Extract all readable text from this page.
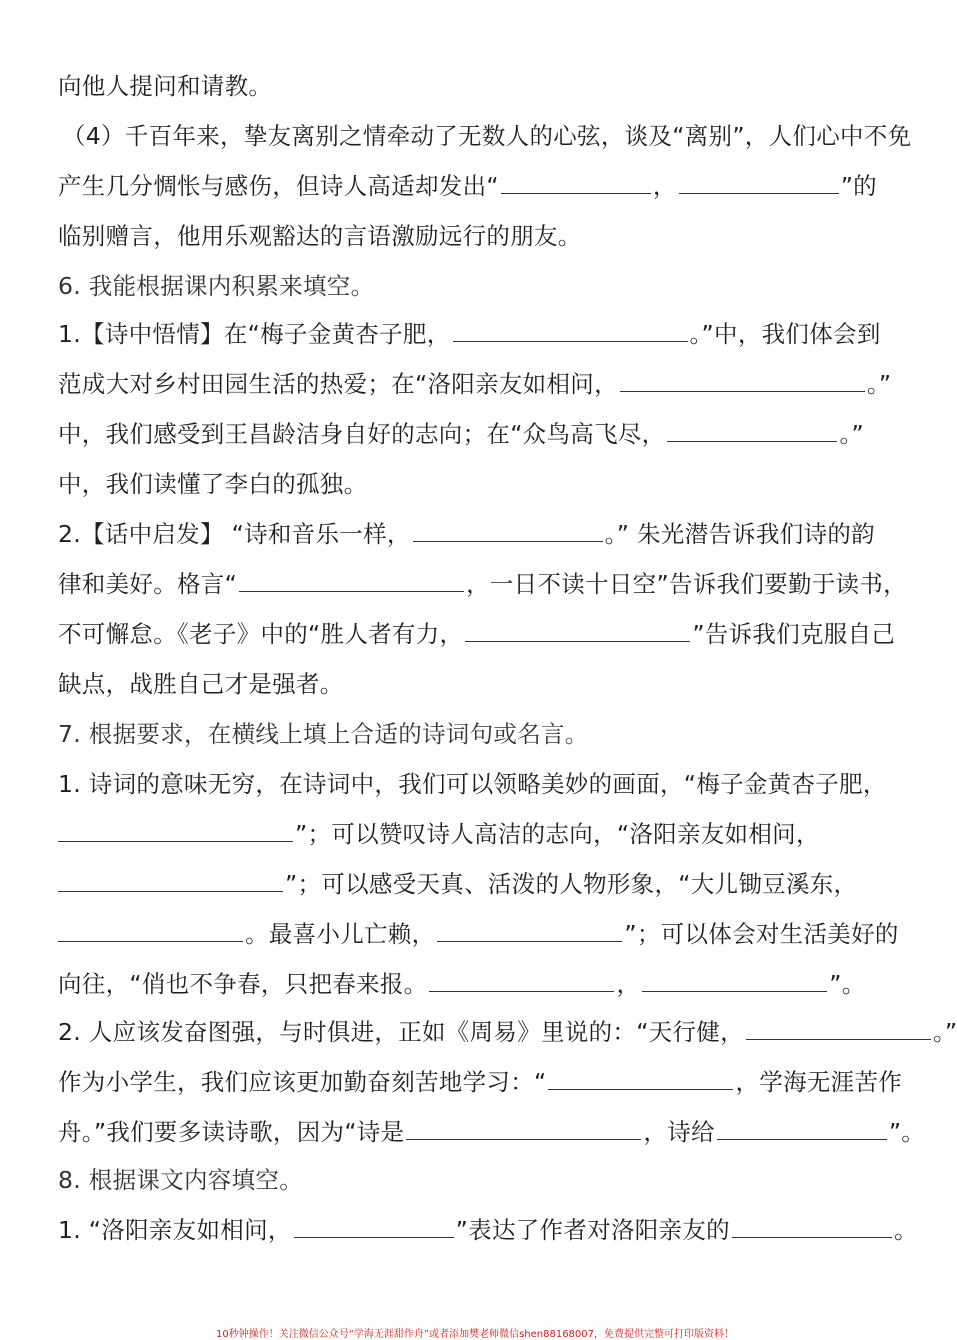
向他人提问和请教。
（4）千百年来，挚友离别之情牵动了无数人的心弦，谈及“离别”，人们心中不免
产生几分惆怅与感伤，但诗人高适却发出“	，	”的
临别赠言，他用乐观豁达的言语激励远行的朋友。
6. 我能根据课内积累来填空。
1.【诗中悟情】在“梅子金黄杏子肥，	。”中，我们体会到
范成大对乡村田园生活的热爱；在“洛阳亲友如相问，	。”
中，我们感受到王昌龄洁身自好的志向；在“众鸟高飞尽，	。”
中，我们读懂了李白的孤独。
2.【话中启发】 “诗和音乐一样，	。” 朱光潜告诉我们诗的韵
律和美好。格言“	，一日不读十日空”告诉我们要勤于读书，
不可懈怠。《老子》中的“胜人者有力，	”告诉我们克服自己
缺点，战胜自己才是强者。
7. 根据要求，在横线上填上合适的诗词句或名言。
1. 诗词的意味无穷，在诗词中，我们可以领略美妙的画面，“梅子金黄杏子肥，
”；可以赞叹诗人高洁的志向，“洛阳亲友如相问，
”；可以感受天真、活泼的人物形象，“大儿锄豆溪东，
。最喜小儿亡赖，	”；可以体会对生活美好的
向往，“俏也不争春，只把春来报。	，	”。
2. 人应该发奋图强，与时俱进，正如《周易》里说的：“天行健，	。”
作为小学生，我们应该更加勤奋刻苦地学习：“	，学海无涯苦作
舟。”我们要多读诗歌，因为“诗是	，诗给	”。
8. 根据课文内容填空。
1. “洛阳亲友如相问，	”表达了作者对洛阳亲友的	。
10秒钟操作！关注微信公众号“学海无涯甜作舟”或者添加樊老师微信shen88168007，免费提供完整可打印版资料！
